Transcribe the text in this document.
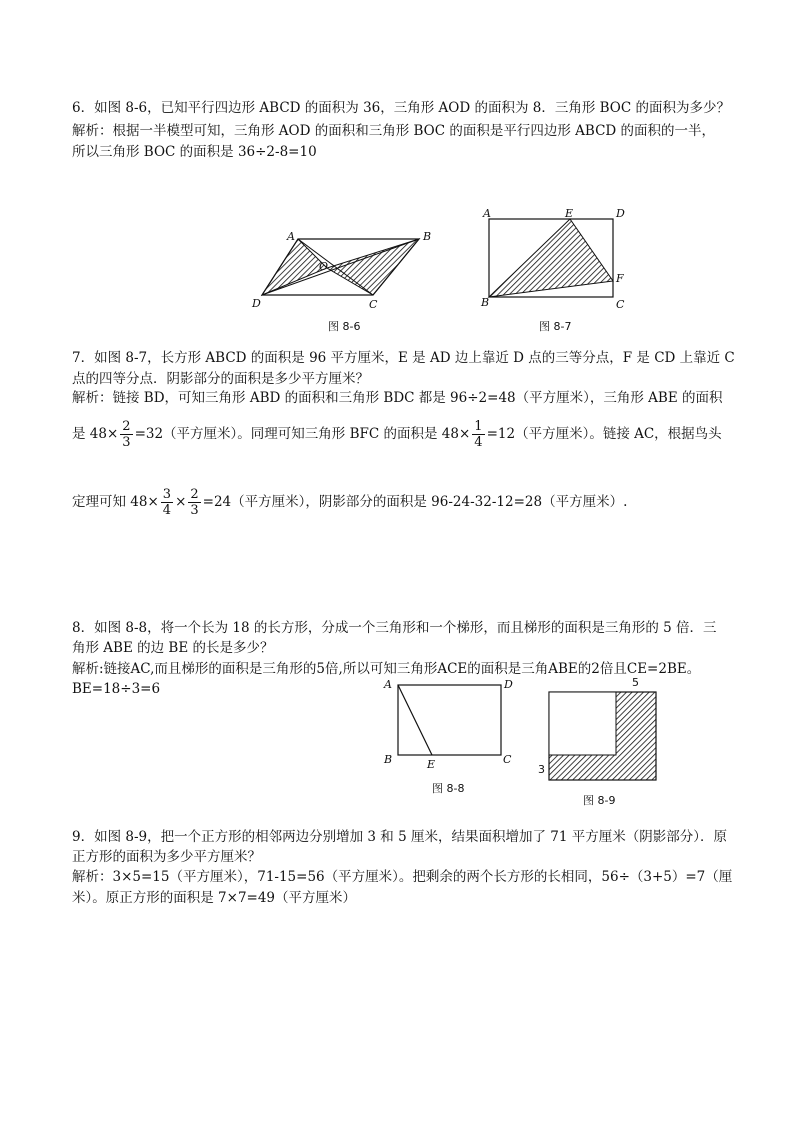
6．如图 8-6，已知平行四边形 ABCD 的面积为 36，三角形 AOD 的面积为 8．三角形 BOC 的面积为多少？
解析：根据一半模型可知，三角形 AOD 的面积和三角形 BOC 的面积是平行四边形 ABCD 的面积的一半，
所以三角形 BOC 的面积是 36÷2-8=10
A	B
C
D
O
A	E	D
F
B	C
A	D
B	E	C
5
3
图 8-6	图 8-7
7．如图 8-7，长方形 ABCD 的面积是 96 平方厘米，E 是 AD 边上靠近 D 点的三等分点，F 是 CD 上靠近 C
点的四等分点．阴影部分的面积是多少平方厘米？
解析：链接 BD，可知三角形 ABD 的面积和三角形 BDC 都是 96÷2=48（平方厘米），三角形 ABE 的面积
是 $48\times \frac{2}{3} =32$（平方厘米）。同理可知三角形 BFC 的面积是 $48\times \frac{1}{4} =12$（平方厘米）。链接 AC，根据鸟头
定理可知 $48\times \frac{3}{4} \times \frac{2}{3} =24$（平方厘米），阴影部分的面积是 96-24-32-12=28（平方厘米）.
8．如图 8-8，将一个长为 18 的长方形，分成一个三角形和一个梯形，而且梯形的面积是三角形的 5 倍．三
角形 ABE 的边 BE 的长是多少？
解析:链接AC,而且梯形的面积是三角形的5倍,所以可知三角形ACE的面积是三角ABE的2倍且CE=2BE。
BE=18÷3=6
图 8-8
图 8-9
9．如图 8-9，把一个正方形的相邻两边分别增加 3 和 5 厘米，结果面积增加了 71 平方厘米（阴影部分）．原
正方形的面积为多少平方厘米？
解析：3×5=15（平方厘米），71-15=56（平方厘米）。把剩余的两个长方形的长相同，56÷（3+5）=7（厘
米）。原正方形的面积是 7×7=49（平方厘米）
